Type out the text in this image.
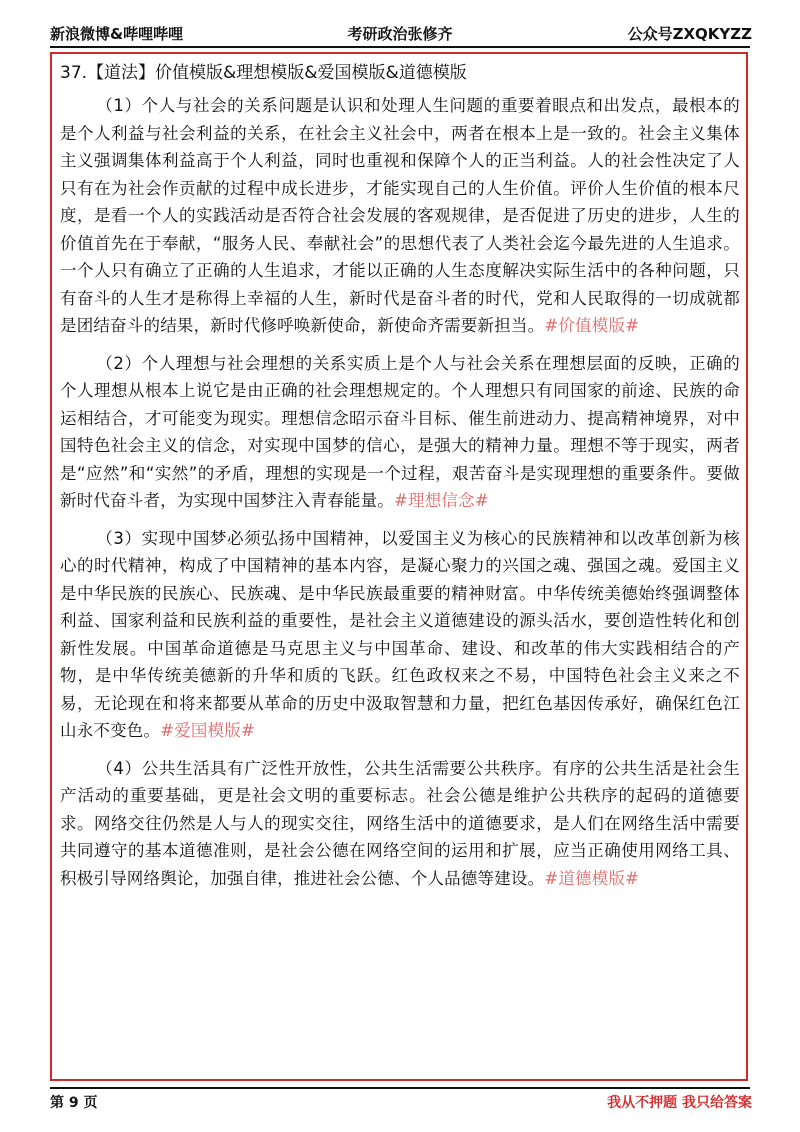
新浪微博&哔哩哔哩	考研政治张修齐	公众号ZXQKYZZ
37.【道法】价值模版&理想模版&爱国模版&道德模版

（1）个人与社会的关系问题是认识和处理人生问题的重要着眼点和出发点，最根本的是个人利益与社会利益的关系，在社会主义社会中，两者在根本上是一致的。社会主义集体主义强调集体利益高于个人利益，同时也重视和保障个人的正当利益。人的社会性决定了人只有在为社会作贡献的过程中成长进步，才能实现自己的人生价值。评价人生价值的根本尺度，是看一个人的实践活动是否符合社会发展的客观规律，是否促进了历史的进步，人生的价值首先在于奉献，“服务人民、奉献社会”的思想代表了人类社会迄今最先进的人生追求。一个人只有确立了正确的人生追求，才能以正确的人生态度解决实际生活中的各种问题，只有奋斗的人生才是称得上幸福的人生，新时代是奋斗者的时代，党和人民取得的一切成就都是团结奋斗的结果，新时代修呼唤新使命，新使命齐需要新担当。#价值模版#

（2）个人理想与社会理想的关系实质上是个人与社会关系在理想层面的反映，正确的个人理想从根本上说它是由正确的社会理想规定的。个人理想只有同国家的前途、民族的命运相结合，才可能变为现实。理想信念昭示奋斗目标、催生前进动力、提高精神境界，对中国特色社会主义的信念，对实现中国梦的信心，是强大的精神力量。理想不等于现实，两者是“应然”和“实然”的矛盾，理想的实现是一个过程，艰苦奋斗是实现理想的重要条件。要做新时代奋斗者，为实现中国梦注入青春能量。#理想信念#

（3）实现中国梦必须弘扬中国精神，以爱国主义为核心的民族精神和以改革创新为核心的时代精神，构成了中国精神的基本内容，是凝心聚力的兴国之魂、强国之魂。爱国主义是中华民族的民族心、民族魂、是中华民族最重要的精神财富。中华传统美德始终强调整体利益、国家利益和民族利益的重要性，是社会主义道德建设的源头活水，要创造性转化和创新性发展。中国革命道德是马克思主义与中国革命、建设、和改革的伟大实践相结合的产物，是中华传统美德新的升华和质的飞跃。红色政权来之不易，中国特色社会主义来之不易，无论现在和将来都要从革命的历史中汲取智慧和力量，把红色基因传承好，确保红色江山永不变色。#爱国模版#

（4）公共生活具有广泛性开放性，公共生活需要公共秩序。有序的公共生活是社会生产活动的重要基础，更是社会文明的重要标志。社会公德是维护公共秩序的起码的道德要求。网络交往仍然是人与人的现实交往，网络生活中的道德要求，是人们在网络生活中需要共同遵守的基本道德准则，是社会公德在网络空间的运用和扩展，应当正确使用网络工具、积极引导网络舆论，加强自律，推进社会公德、个人品德等建设。#道德模版#

第 9 页	我从不押题 我只给答案
